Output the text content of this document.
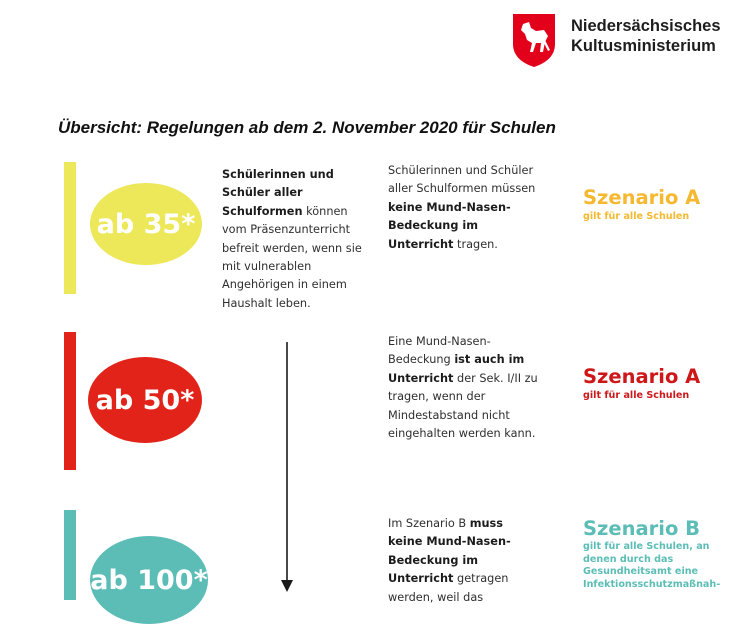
Niedersächsisches
Kultusministerium
Übersicht: Regelungen ab dem 2. November 2020 für Schulen
ab 35*
ab 50*
ab 100*
Schülerinnen und Schüler aller Schulformen können vom Präsenzunterricht befreit werden, wenn sie mit vulnerablen Angehörigen in einem Haushalt leben.
Schülerinnen und Schüler aller Schulformen müssen keine Mund-Nasen-Bedeckung im Unterricht tragen.
Eine Mund-Nasen-Bedeckung ist auch im Unterricht der Sek. I/II zu tragen, wenn der Mindestabstand nicht eingehalten werden kann.
Im Szenario B muss keine Mund-Nasen-Bedeckung im Unterricht getragen werden, weil das
Szenario A
gilt für alle Schulen
Szenario A
gilt für alle Schulen
Szenario B
gilt für alle Schulen, an denen durch das Gesundheitsamt eine Infektionsschutzmaßnah-
